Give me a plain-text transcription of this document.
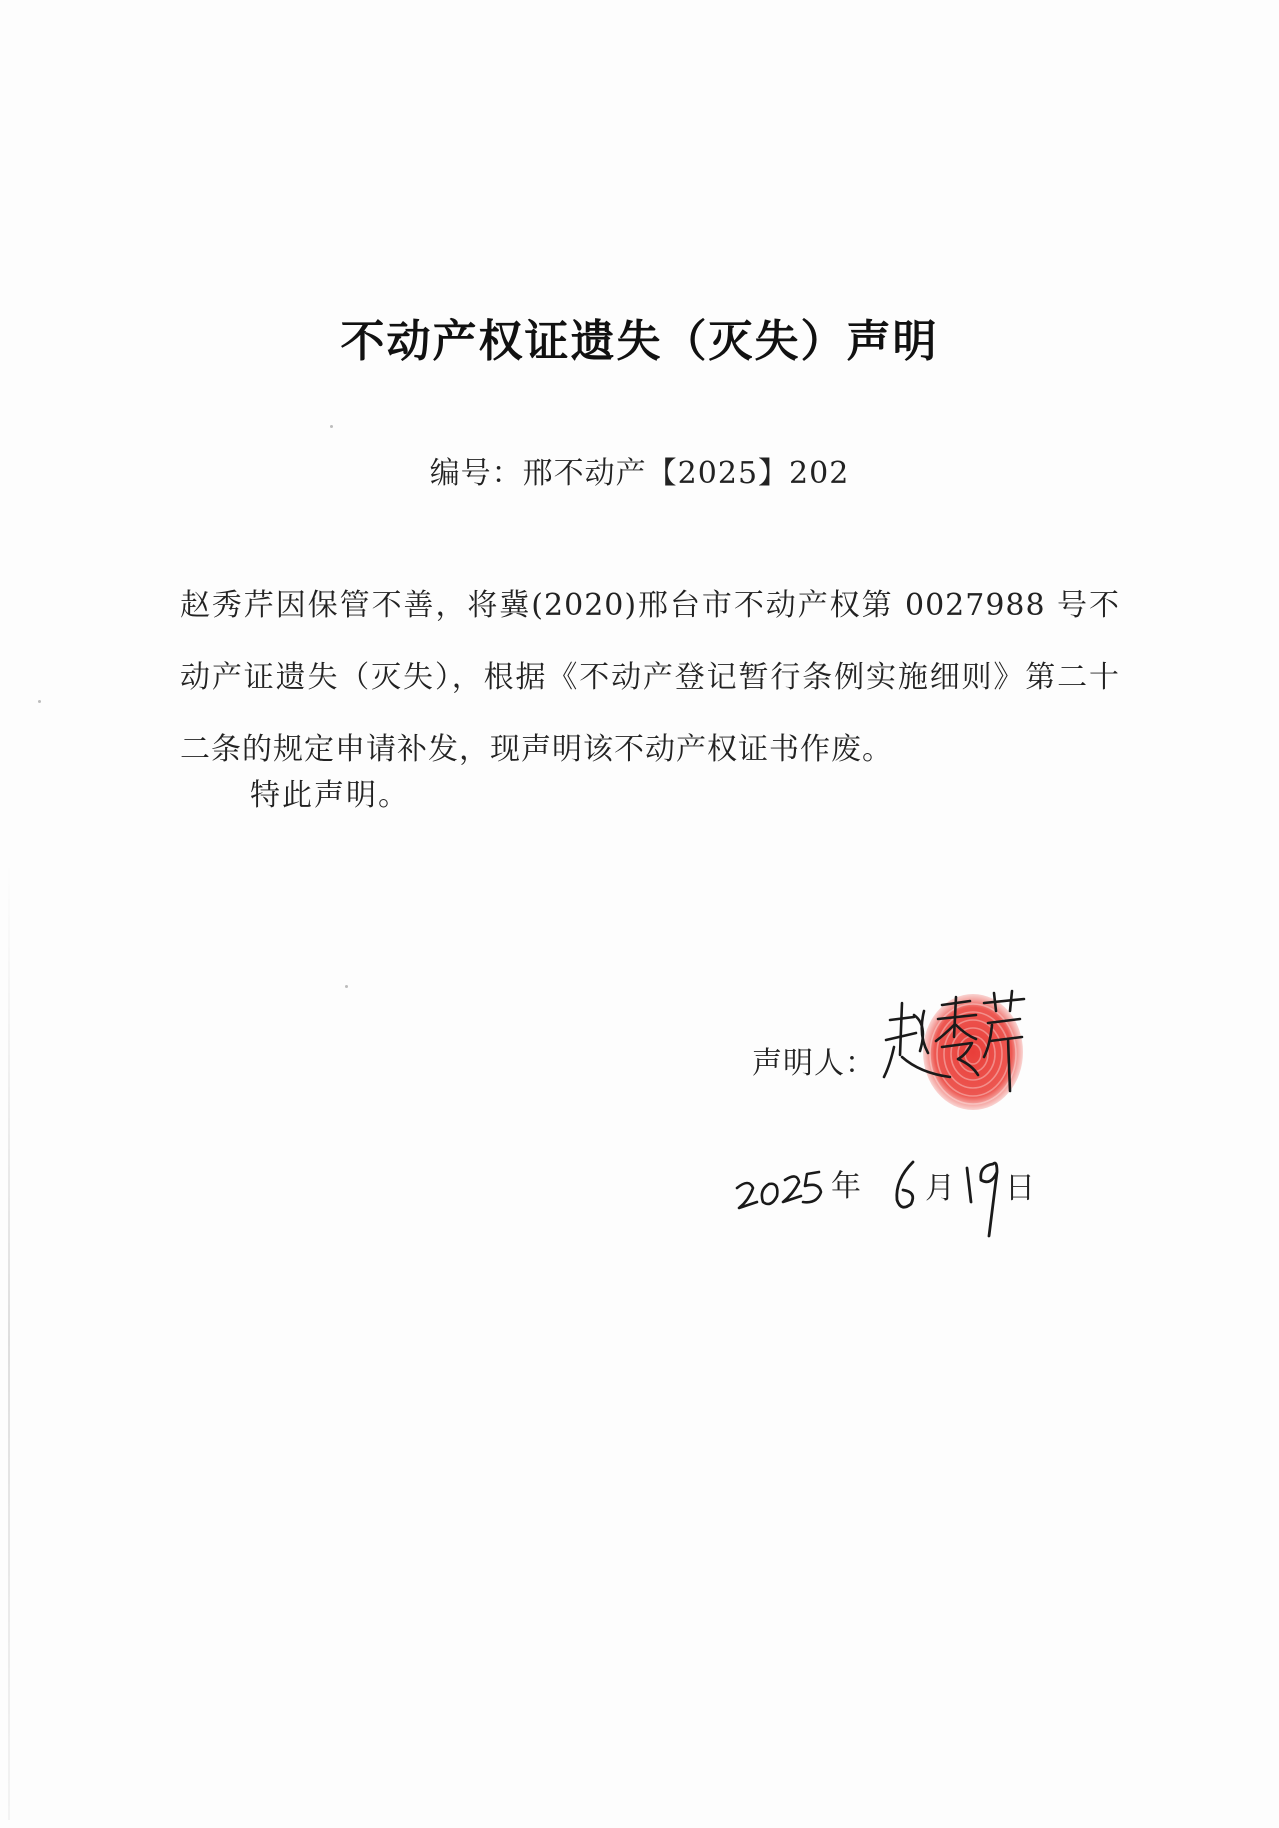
不动产权证遗失（灭失）声明
编号：邢不动产【2025】202
赵秀芹因保管不善，将冀(2020)邢台市不动产权第 0027988 号不动产证遗失（灭失），根据《不动产登记暂行条例实施细则》第二十二条的规定申请补发，现声明该不动产权证书作废。
特此声明。
声明人：
年 月 日
